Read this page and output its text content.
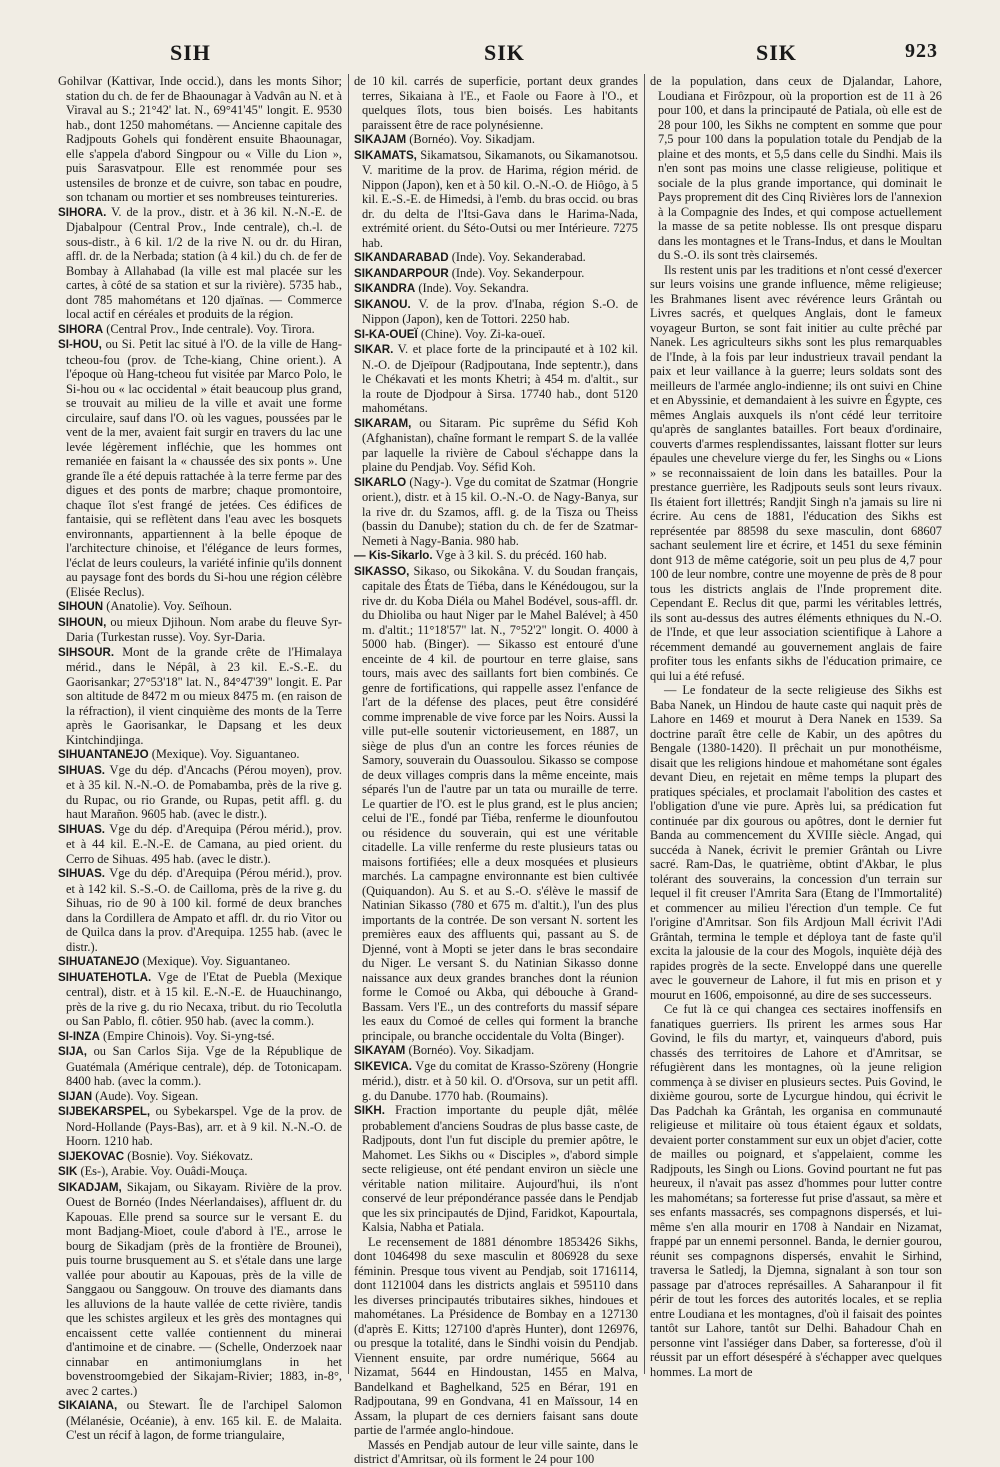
SIH	SIK	SIK	923

Gohilvar (Kattivar, Inde occid.), dans les monts Sihor; station du ch. de fer de Bhaounagar à Vadvân au N. et à Viraval au S.; 21°42' lat. N., 69°41'45" longit. E. 9530 hab., dont 1250 mahométans. — Ancienne capitale des Radjpouts Gohels qui fondèrent ensuite Bhaounagar, elle s'appela d'abord Singpour ou « Ville du Lion », puis Sarasvatpour. Elle est renommée pour ses ustensiles de bronze et de cuivre, son tabac en poudre, son tchanam ou mortier et ses nombreuses teintureries.

SIHORA. V. de la prov., distr. et à 36 kil. N.-N.-E. de Djabalpour (Central Prov., Inde centrale), ch.-l. de sous-distr., à 6 kil. 1/2 de la rive N. ou dr. du Hiran, affl. dr. de la Nerbada; station (à 4 kil.) du ch. de fer de Bombay à Allahabad (la ville est mal placée sur les cartes, à côté de sa station et sur la rivière). 5735 hab., dont 785 mahométans et 120 djaïnas. — Commerce local actif en céréales et produits de la région.

SIHORA (Central Prov., Inde centrale). Voy. Tirora.

SI-HOU, ou Si. Petit lac situé à l'O. de la ville de Hang-tcheou-fou (prov. de Tche-kiang, Chine orient.). A l'époque où Hang-tcheou fut visitée par Marco Polo, le Si-hou ou « lac occidental » était beaucoup plus grand, se trouvait au milieu de la ville et avait une forme circulaire, sauf dans l'O. où les vagues, poussées par le vent de la mer, avaient fait surgir en travers du lac une levée légèrement infléchie, que les hommes ont remaniée en faisant la « chaussée des six ponts ». Une grande île a été depuis rattachée à la terre ferme par des digues et des ponts de marbre; chaque promontoire, chaque îlot s'est frangé de jetées. Ces édifices de fantaisie, qui se reflètent dans l'eau avec les bosquets environnants, appartiennent à la belle époque de l'architecture chinoise, et l'élégance de leurs formes, l'éclat de leurs couleurs, la variété infinie qu'ils donnent au paysage font des bords du Si-hou une région célèbre (Elisée Reclus).

SIHOUN (Anatolie). Voy. Seïhoun.

SIHOUN, ou mieux Djihoun. Nom arabe du fleuve Syr-Daria (Turkestan russe). Voy. Syr-Daria.

SIHSOUR. Mont de la grande crête de l'Himalaya mérid., dans le Népâl, à 23 kil. E.-S.-E. du Gaorisankar; 27°53'18" lat. N., 84°47'39" longit. E. Par son altitude de 8472 m ou mieux 8475 m. (en raison de la réfraction), il vient cinquième des monts de la Terre après le Gaorisankar, le Dapsang et les deux Kintchindjinga.

SIHUANTANEJO (Mexique). Voy. Siguantaneo.

SIHUAS. Vge du dép. d'Ancachs (Pérou moyen), prov. et à 35 kil. N.-N.-O. de Pomabamba, près de la rive g. du Rupac, ou rio Grande, ou Rupas, petit affl. g. du haut Marañon. 9605 hab. (avec le distr.).

SIHUAS. Vge du dép. d'Arequipa (Pérou mérid.), prov. et à 44 kil. E.-N.-E. de Camana, au pied orient. du Cerro de Sihuas. 495 hab. (avec le distr.).

SIHUAS. Vge du dép. d'Arequipa (Pérou mérid.), prov. et à 142 kil. S.-S.-O. de Cailloma, près de la rive g. du Sihuas, rio de 90 à 100 kil. formé de deux branches dans la Cordillera de Ampato et affl. dr. du rio Vitor ou de Quilca dans la prov. d'Arequipa. 1255 hab. (avec le distr.).

SIHUATANEJO (Mexique). Voy. Siguantaneo.

SIHUATEHOTLA. Vge de l'Etat de Puebla (Mexique central), distr. et à 15 kil. E.-N.-E. de Huauchinango, près de la rive g. du rio Necaxa, tribut. du rio Tecolutla ou San Pablo, fl. côtier. 950 hab. (avec la comm.).

SI-INZA (Empire Chinois). Voy. Si-yng-tsé.

SIJA, ou San Carlos Sija. Vge de la République de Guatémala (Amérique centrale), dép. de Totonicapam. 8400 hab. (avec la comm.).

SIJAN (Aude). Voy. Sigean.

SIJBEKARSPEL, ou Sybekarspel. Vge de la prov. de Nord-Hollande (Pays-Bas), arr. et à 9 kil. N.-N.-O. de Hoorn. 1210 hab.

SIJEKOVAC (Bosnie). Voy. Siékovatz.

SIK (Es-), Arabie. Voy. Ouâdi-Mouça.

SIKADJAM, Sikajam, ou Sikayam. Rivière de la prov. Ouest de Bornéo (Indes Néerlandaises), affluent dr. du Kapouas. Elle prend sa source sur le versant E. du mont Badjang-Mioet, coule d'abord à l'E., arrose le bourg de Sikadjam (près de la frontière de Brounei), puis tourne brusquement au S. et s'étale dans une large vallée pour aboutir au Kapouas, près de la ville de Sanggaou ou Sanggouw. On trouve des diamants dans les alluvions de la haute vallée de cette rivière, tandis que les schistes argileux et les grès des montagnes qui encaissent cette vallée contiennent du minerai d'antimoine et de cinabre. — (Schelle, Onderzoek naar cinnabar en antimoniumglans in het bovenstroomgebied der Sikajam-Rivier; 1883, in-8°, avec 2 cartes.)

SIKAIANA, ou Stewart. Île de l'archipel Salomon (Mélanésie, Océanie), à env. 165 kil. E. de Malaita. C'est un récif à lagon, de forme triangulaire,

de 10 kil. carrés de superficie, portant deux grandes terres, Sikaiana à l'E., et Faole ou Faore à l'O., et quelques îlots, tous bien boisés. Les habitants paraissent être de race polynésienne.

SIKAJAM (Bornéo). Voy. Sikadjam.

SIKAMATS, Sikamatsou, Sikamanots, ou Sikamanotsou. V. maritime de la prov. de Harima, région mérid. de Nippon (Japon), ken et à 50 kil. O.-N.-O. de Hiôgo, à 5 kil. E.-S.-E. de Himedsi, à l'emb. du bras occid. ou bras dr. du delta de l'Itsi-Gava dans le Harima-Nada, extrémité orient. du Séto-Outsi ou mer Intérieure. 7275 hab.

SIKANDARABAD (Inde). Voy. Sekanderabad.

SIKANDARPOUR (Inde). Voy. Sekanderpour.

SIKANDRA (Inde). Voy. Sekandra.

SIKANOU. V. de la prov. d'Inaba, région S.-O. de Nippon (Japon), ken de Tottori. 2250 hab.

SI-KA-OUEÏ (Chine). Voy. Zi-ka-oueï.

SIKAR. V. et place forte de la principauté et à 102 kil. N.-O. de Djeïpour (Radjpoutana, Inde septentr.), dans le Chékavati et les monts Khetri; à 454 m. d'altit., sur la route de Djodpour à Sirsa. 17740 hab., dont 5120 mahométans.

SIKARAM, ou Sitaram. Pic suprême du Séfid Koh (Afghanistan), chaîne formant le rempart S. de la vallée par laquelle la rivière de Caboul s'échappe dans la plaine du Pendjab. Voy. Séfid Koh.

SIKARLO (Nagy-). Vge du comitat de Szatmar (Hongrie orient.), distr. et à 15 kil. O.-N.-O. de Nagy-Banya, sur la rive dr. du Szamos, affl. g. de la Tisza ou Theiss (bassin du Danube); station du ch. de fer de Szatmar-Nemeti à Nagy-Bania. 980 hab.

— Kis-Sikarlo. Vge à 3 kil. S. du précéd. 160 hab.

SIKASSO, Sikaso, ou Sikokâna. V. du Soudan français, capitale des États de Tiéba, dans le Kénédougou, sur la rive dr. du Koba Diéla ou Mahel Bodével, sous-affl. dr. du Dhioliba ou haut Niger par le Mahel Balével; à 450 m. d'altit.; 11°18'57" lat. N., 7°52'2" longit. O. 4000 à 5000 hab. (Binger). — Sikasso est entouré d'une enceinte de 4 kil. de pourtour en terre glaise, sans tours, mais avec des saillants fort bien combinés. Ce genre de fortifications, qui rappelle assez l'enfance de l'art de la défense des places, peut être considéré comme imprenable de vive force par les Noirs. Aussi la ville put-elle soutenir victorieusement, en 1887, un siège de plus d'un an contre les forces réunies de Samory, souverain du Ouassoulou. Sikasso se compose de deux villages compris dans la même enceinte, mais séparés l'un de l'autre par un tata ou muraille de terre. Le quartier de l'O. est le plus grand, est le plus ancien; celui de l'E., fondé par Tiéba, renferme le diounfoutou ou résidence du souverain, qui est une véritable citadelle. La ville renferme du reste plusieurs tatas ou maisons fortifiées; elle a deux mosquées et plusieurs marchés. La campagne environnante est bien cultivée (Quiquandon). Au S. et au S.-O. s'élève le massif de Natinian Sikasso (780 et 675 m. d'altit.), l'un des plus importants de la contrée. De son versant N. sortent les premières eaux des affluents qui, passant au S. de Djenné, vont à Mopti se jeter dans le bras secondaire du Niger. Le versant S. du Natinian Sikasso donne naissance aux deux grandes branches dont la réunion forme le Comoé ou Akba, qui débouche à Grand-Bassam. Vers l'E., un des contreforts du massif sépare les eaux du Comoé de celles qui forment la branche principale, ou branche occidentale du Volta (Binger).

SIKAYAM (Bornéo). Voy. Sikadjam.

SIKEVICA. Vge du comitat de Krasso-Szöreny (Hongrie mérid.), distr. et à 50 kil. O. d'Orsova, sur un petit affl. g. du Danube. 1770 hab. (Roumains).

SIKH. Fraction importante du peuple djât, mêlée probablement d'anciens Soudras de plus basse caste, de Radjpouts, dont l'un fut disciple du premier apôtre, le Mahomet. Les Sikhs ou « Disciples », d'abord simple secte religieuse, ont été pendant environ un siècle une véritable nation militaire. Aujourd'hui, ils n'ont conservé de leur prépondérance passée dans le Pendjab que les six principautés de Djind, Faridkot, Kapourtala, Kalsia, Nabha et Patiala.

Le recensement de 1881 dénombre 1853426 Sikhs, dont 1046498 du sexe masculin et 806928 du sexe féminin. Presque tous vivent au Pendjab, soit 1716114, dont 1121004 dans les districts anglais et 595110 dans les diverses principautés tributaires sikhes, hindoues et mahométanes. La Présidence de Bombay en a 127130 (d'après E. Kitts; 127100 d'après Hunter), dont 126976, ou presque la totalité, dans le Sindhi voisin du Pendjab. Viennent ensuite, par ordre numérique, 5664 au Nizamat, 5644 en Hindoustan, 1455 en Malva, Bandelkand et Baghelkand, 525 en Bérar, 191 en Radjpoutana, 99 en Gondvana, 41 en Maïssour, 14 en Assam, la plupart de ces derniers faisant sans doute partie de l'armée anglo-hindoue.

Massés en Pendjab autour de leur ville sainte, dans le district d'Amritsar, où ils forment le 24 pour 100

de la population, dans ceux de Djalandar, Lahore, Loudiana et Firôzpour, où la proportion est de 11 à 26 pour 100, et dans la principauté de Patiala, où elle est de 28 pour 100, les Sikhs ne comptent en somme que pour 7,5 pour 100 dans la population totale du Pendjab de la plaine et des monts, et 5,5 dans celle du Sindhi. Mais ils n'en sont pas moins une classe religieuse, politique et sociale de la plus grande importance, qui dominait le Pays proprement dit des Cinq Rivières lors de l'annexion à la Compagnie des Indes, et qui compose actuellement la masse de sa petite noblesse. Ils ont presque disparu dans les montagnes et le Trans-Indus, et dans le Moultan du S.-O. ils sont très clairsemés.

Ils restent unis par les traditions et n'ont cessé d'exercer sur leurs voisins une grande influence, même religieuse; les Brahmanes lisent avec révérence leurs Grântah ou Livres sacrés, et quelques Anglais, dont le fameux voyageur Burton, se sont fait initier au culte prêché par Nanek. Les agriculteurs sikhs sont les plus remarquables de l'Inde, à la fois par leur industrieux travail pendant la paix et leur vaillance à la guerre; leurs soldats sont des meilleurs de l'armée anglo-indienne; ils ont suivi en Chine et en Abyssinie, et demandaient à les suivre en Égypte, ces mêmes Anglais auxquels ils n'ont cédé leur territoire qu'après de sanglantes batailles. Fort beaux d'ordinaire, couverts d'armes resplendissantes, laissant flotter sur leurs épaules une chevelure vierge du fer, les Singhs ou « Lions » se reconnaissaient de loin dans les batailles. Pour la prestance guerrière, les Radjpouts seuls sont leurs rivaux. Ils étaient fort illettrés; Randjit Singh n'a jamais su lire ni écrire. Au cens de 1881, l'éducation des Sikhs est représentée par 88598 du sexe masculin, dont 68607 sachant seulement lire et écrire, et 1451 du sexe féminin dont 913 de même catégorie, soit un peu plus de 4,7 pour 100 de leur nombre, contre une moyenne de près de 8 pour tous les districts anglais de l'Inde proprement dite. Cependant E. Reclus dit que, parmi les véritables lettrés, ils sont au-dessus des autres éléments ethniques du N.-O. de l'Inde, et que leur association scientifique à Lahore a récemment demandé au gouvernement anglais de faire profiter tous les enfants sikhs de l'éducation primaire, ce qui lui a été refusé.

— Le fondateur de la secte religieuse des Sikhs est Baba Nanek, un Hindou de haute caste qui naquit près de Lahore en 1469 et mourut à Dera Nanek en 1539. Sa doctrine paraît être celle de Kabir, un des apôtres du Bengale (1380-1420). Il prêchait un pur monothéisme, disait que les religions hindoue et mahométane sont égales devant Dieu, en rejetait en même temps la plupart des pratiques spéciales, et proclamait l'abolition des castes et l'obligation d'une vie pure. Après lui, sa prédication fut continuée par dix gourous ou apôtres, dont le dernier fut Banda au commencement du XVIIIe siècle. Angad, qui succéda à Nanek, écrivit le premier Grântah ou Livre sacré. Ram-Das, le quatrième, obtint d'Akbar, le plus tolérant des souverains, la concession d'un terrain sur lequel il fit creuser l'Amrita Sara (Etang de l'Immortalité) et commencer au milieu l'érection d'un temple. Ce fut l'origine d'Amritsar. Son fils Ardjoun Mall écrivit l'Adi Grântah, termina le temple et déploya tant de faste qu'il excita la jalousie de la cour des Mogols, inquiète déjà des rapides progrès de la secte. Enveloppé dans une querelle avec le gouverneur de Lahore, il fut mis en prison et y mourut en 1606, empoisonné, au dire de ses successeurs.

Ce fut là ce qui changea ces sectaires inoffensifs en fanatiques guerriers. Ils prirent les armes sous Har Govind, le fils du martyr, et, vainqueurs d'abord, puis chassés des territoires de Lahore et d'Amritsar, se réfugièrent dans les montagnes, où la jeune religion commença à se diviser en plusieurs sectes. Puis Govind, le dixième gourou, sorte de Lycurgue hindou, qui écrivit le Das Padchah ka Grântah, les organisa en communauté religieuse et militaire où tous étaient égaux et soldats, devaient porter constamment sur eux un objet d'acier, cotte de mailles ou poignard, et s'appelaient, comme les Radjpouts, les Singh ou Lions. Govind pourtant ne fut pas heureux, il n'avait pas assez d'hommes pour lutter contre les mahométans; sa forteresse fut prise d'assaut, sa mère et ses enfants massacrés, ses compagnons dispersés, et lui-même s'en alla mourir en 1708 à Nandair en Nizamat, frappé par un ennemi personnel. Banda, le dernier gourou, réunit ses compagnons dispersés, envahit le Sirhind, traversa le Satledj, la Djemna, signalant à son tour son passage par d'atroces représailles. A Saharanpour il fit périr de tout les forces des autorités locales, et se replia entre Loudiana et les montagnes, d'où il faisait des pointes tantôt sur Lahore, tantôt sur Delhi. Bahadour Chah en personne vint l'assiéger dans Daber, sa forteresse, d'où il réussit par un effort désespéré à s'échapper avec quelques hommes. La mort de
